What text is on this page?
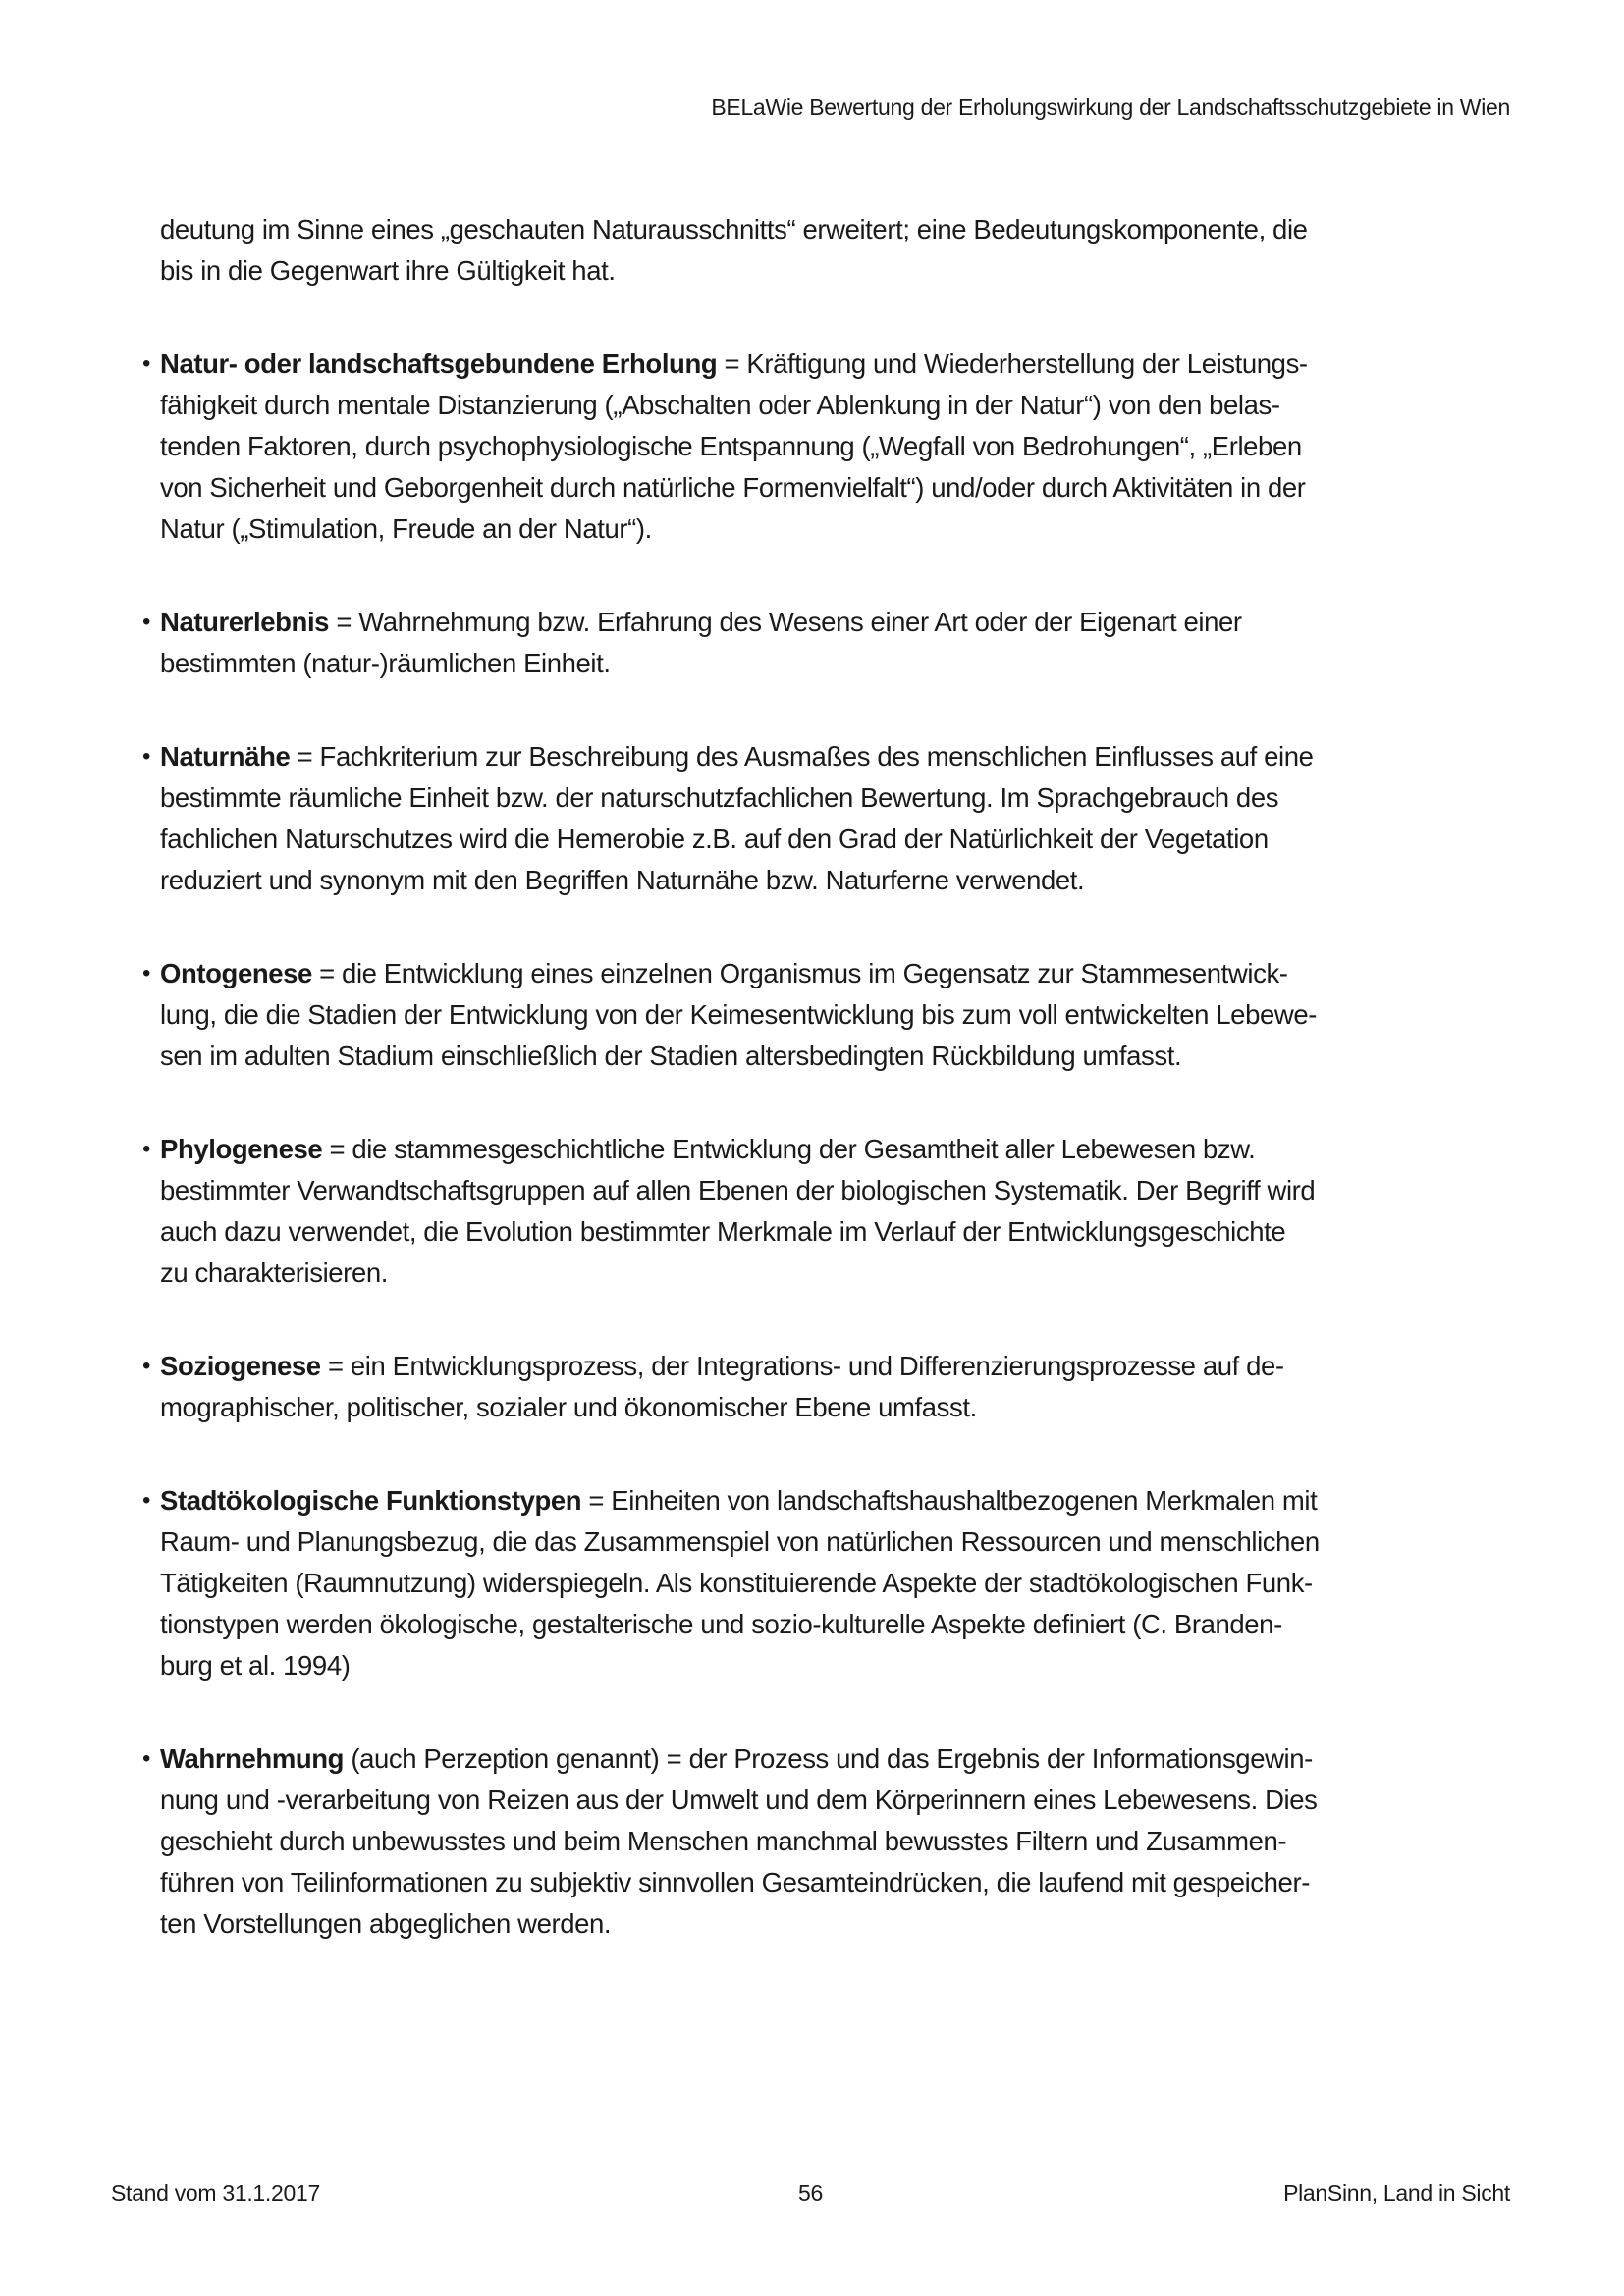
BELaWie Bewertung der Erholungswirkung der Landschaftsschutzgebiete in Wien
deutung im Sinne eines „geschauten Naturausschnitts“ erweitert; eine Bedeutungskomponente, die
bis in die Gegenwart ihre Gültigkeit hat.
• Natur- oder landschaftsgebundene Erholung = Kräftigung und Wiederherstellung der Leistungs-
fähigkeit durch mentale Distanzierung („Abschalten oder Ablenkung in der Natur“) von den belas-
tenden Faktoren, durch psychophysiologische Entspannung („Wegfall von Bedrohungen“, „Erleben
von Sicherheit und Geborgenheit durch natürliche Formenvielfalt“) und/oder durch Aktivitäten in der
Natur („Stimulation, Freude an der Natur“).
• Naturerlebnis = Wahrnehmung bzw. Erfahrung des Wesens einer Art oder der Eigenart einer
bestimmten (natur-)räumlichen Einheit.
• Naturnähe = Fachkriterium zur Beschreibung des Ausmaßes des menschlichen Einflusses auf eine
bestimmte räumliche Einheit bzw. der naturschutzfachlichen Bewertung. Im Sprachgebrauch des
fachlichen Naturschutzes wird die Hemerobie z.B. auf den Grad der Natürlichkeit der Vegetation
reduziert und synonym mit den Begriffen Naturnähe bzw. Naturferne verwendet.
• Ontogenese = die Entwicklung eines einzelnen Organismus im Gegensatz zur Stammesentwick-
lung, die die Stadien der Entwicklung von der Keimesentwicklung bis zum voll entwickelten Lebewe-
sen im adulten Stadium einschließlich der Stadien altersbedingten Rückbildung umfasst.
• Phylogenese = die stammesgeschichtliche Entwicklung der Gesamtheit aller Lebewesen bzw.
bestimmter Verwandtschaftsgruppen auf allen Ebenen der biologischen Systematik. Der Begriff wird
auch dazu verwendet, die Evolution bestimmter Merkmale im Verlauf der Entwicklungsgeschichte
zu charakterisieren.
• Soziogenese = ein Entwicklungsprozess, der Integrations- und Differenzierungsprozesse auf de-
mographischer, politischer, sozialer und ökonomischer Ebene umfasst.
• Stadtökologische Funktionstypen = Einheiten von landschaftshaushaltbezogenen Merkmalen mit
Raum- und Planungsbezug, die das Zusammenspiel von natürlichen Ressourcen und menschlichen
Tätigkeiten (Raumnutzung) widerspiegeln. Als konstituierende Aspekte der stadtökologischen Funk-
tionstypen werden ökologische, gestalterische und sozio-kulturelle Aspekte definiert (C. Branden-
burg et al. 1994)
• Wahrnehmung (auch Perzeption genannt) = der Prozess und das Ergebnis der Informationsgewin-
nung und -verarbeitung von Reizen aus der Umwelt und dem Körperinnern eines Lebewesens. Dies
geschieht durch unbewusstes und beim Menschen manchmal bewusstes Filtern und Zusammen-
führen von Teilinformationen zu subjektiv sinnvollen Gesamteindrücken, die laufend mit gespeicher-
ten Vorstellungen abgeglichen werden.
Stand vom 31.1.2017	56	PlanSinn, Land in Sicht
